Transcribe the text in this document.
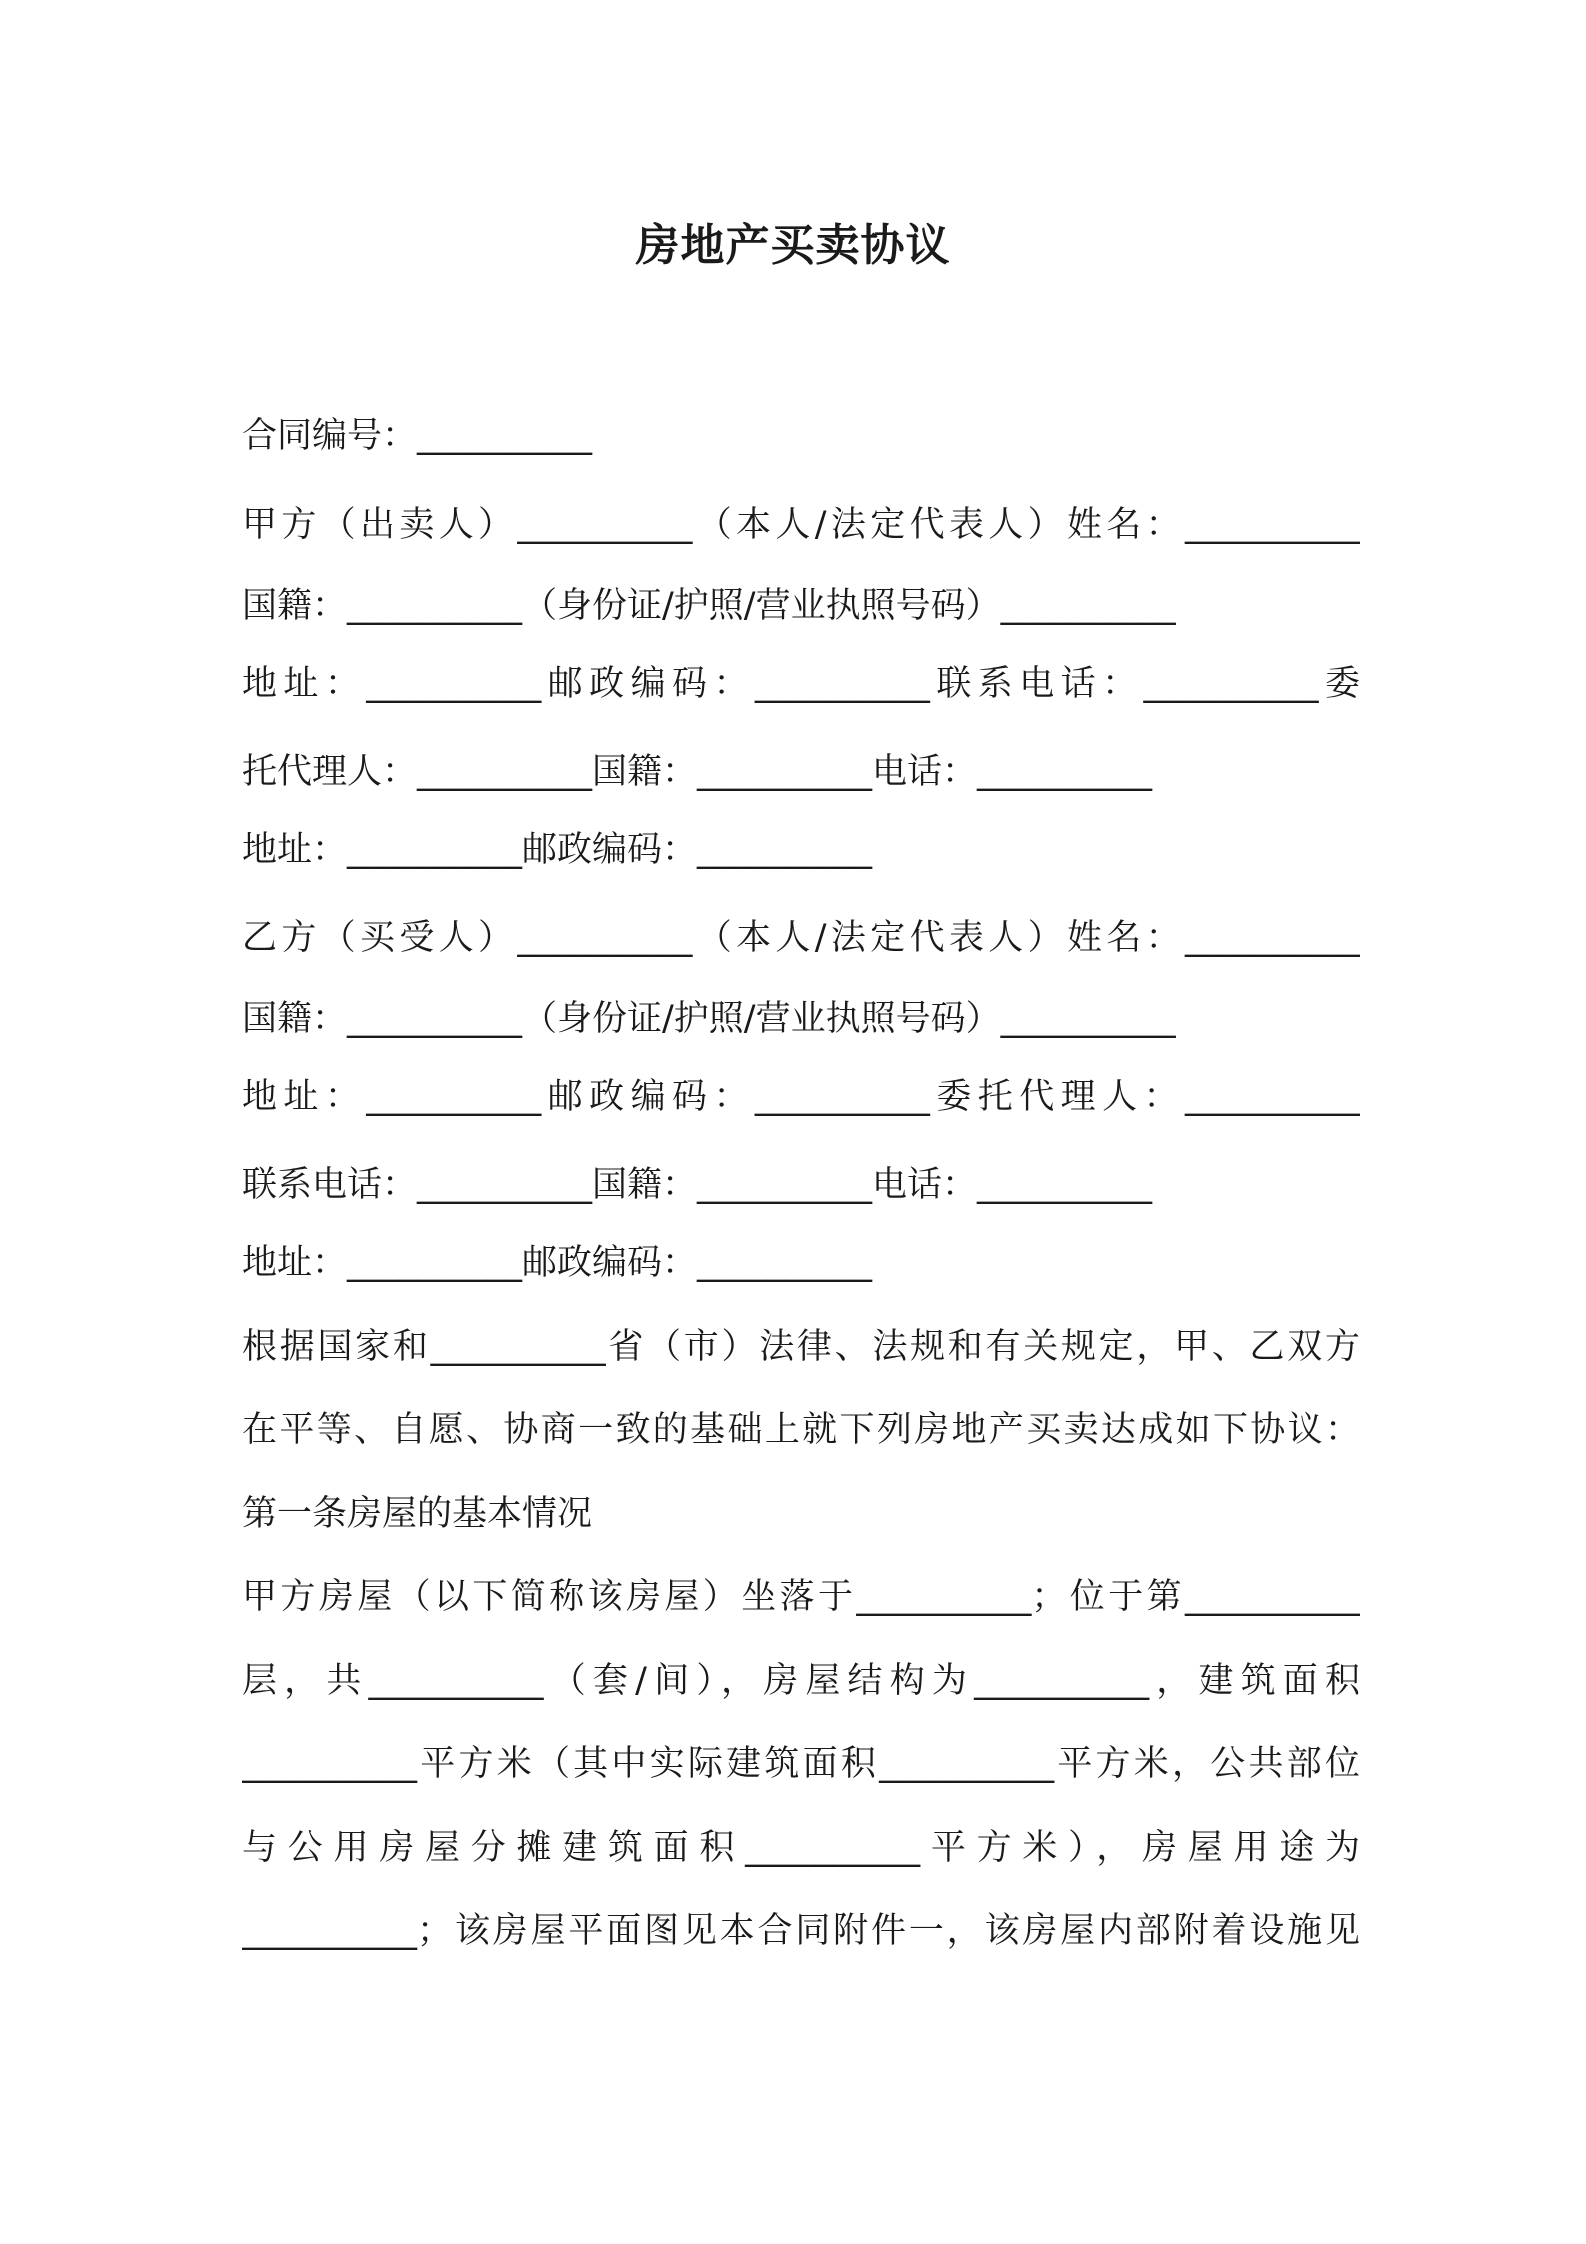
房地产买卖协议
合同编号：__________
甲方（出卖人）__________（本人/法定代表人）姓名：__________
国籍：__________（身份证/护照/营业执照号码）__________
地址：__________邮政编码：__________联系电话：__________委
托代理人：__________国籍：__________电话：__________
地址：__________邮政编码：__________
乙方（买受人）__________（本人/法定代表人）姓名：__________
国籍：__________（身份证/护照/营业执照号码）__________
地址：__________邮政编码：__________委托代理人：__________
联系电话：__________国籍：__________电话：__________
地址：__________邮政编码：__________
根据国家和__________省（市）法律、法规和有关规定，甲、乙双方
在平等、自愿、协商一致的基础上就下列房地产买卖达成如下协议：
第一条房屋的基本情况
甲方房屋（以下简称该房屋）坐落于__________；位于第__________
层，共__________（套/间），房屋结构为__________，建筑面积
__________平方米（其中实际建筑面积__________平方米，公共部位
与公用房屋分摊建筑面积__________平方米），房屋用途为
__________；该房屋平面图见本合同附件一，该房屋内部附着设施见
